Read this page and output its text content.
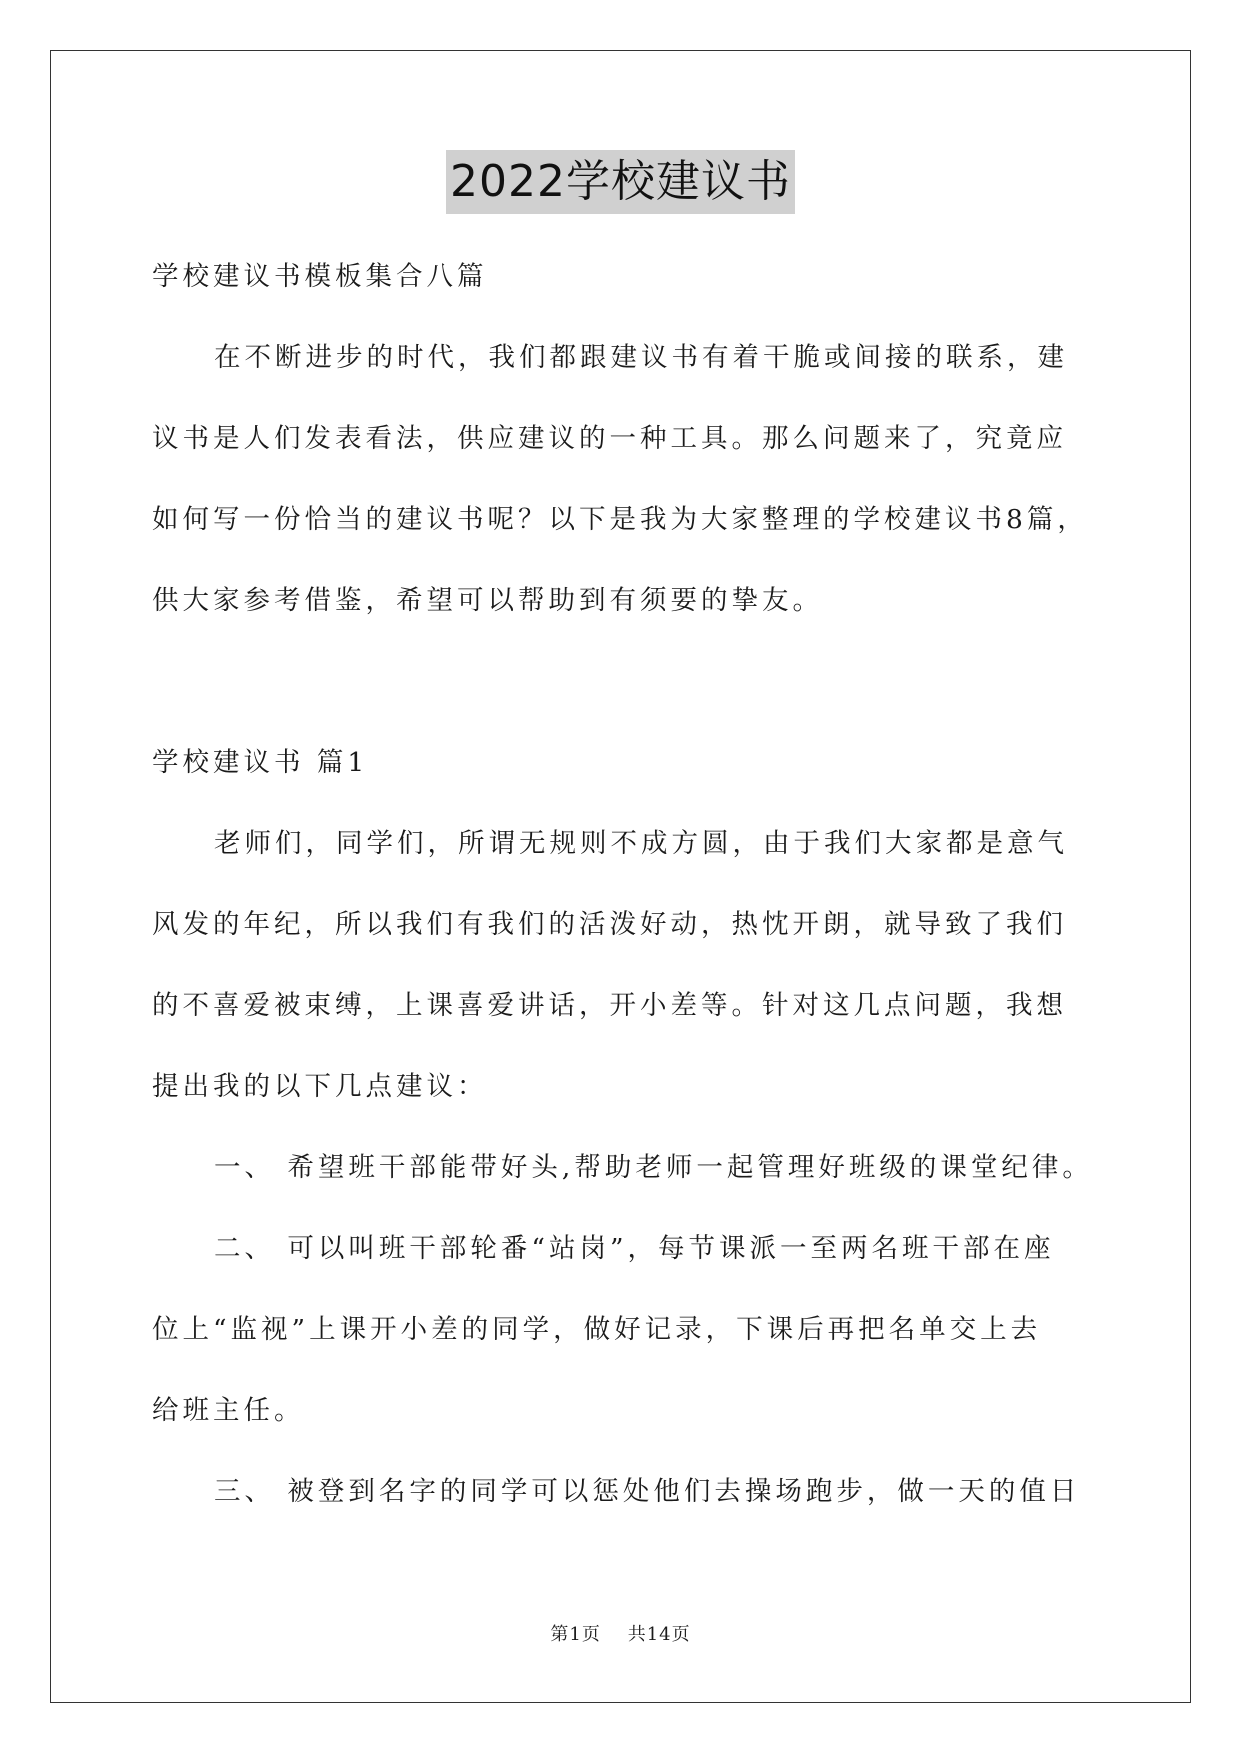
2022学校建议书
学校建议书模板集合八篇
在不断进步的时代，我们都跟建议书有着干脆或间接的联系，建
议书是人们发表看法，供应建议的一种工具。那么问题来了，究竟应
如何写一份恰当的建议书呢？以下是我为大家整理的学校建议书8篇，
供大家参考借鉴，希望可以帮助到有须要的挚友。
学校建议书 篇1
老师们，同学们，所谓无规则不成方圆，由于我们大家都是意气
风发的年纪，所以我们有我们的活泼好动，热忱开朗，就导致了我们
的不喜爱被束缚，上课喜爱讲话，开小差等。针对这几点问题，我想
提出我的以下几点建议：
一、 希望班干部能带好头,帮助老师一起管理好班级的课堂纪律。
二、 可以叫班干部轮番“站岗”，每节课派一至两名班干部在座
位上“监视”上课开小差的同学，做好记录，下课后再把名单交上去
给班主任。
三、 被登到名字的同学可以惩处他们去操场跑步，做一天的值日
第1页 共14页
